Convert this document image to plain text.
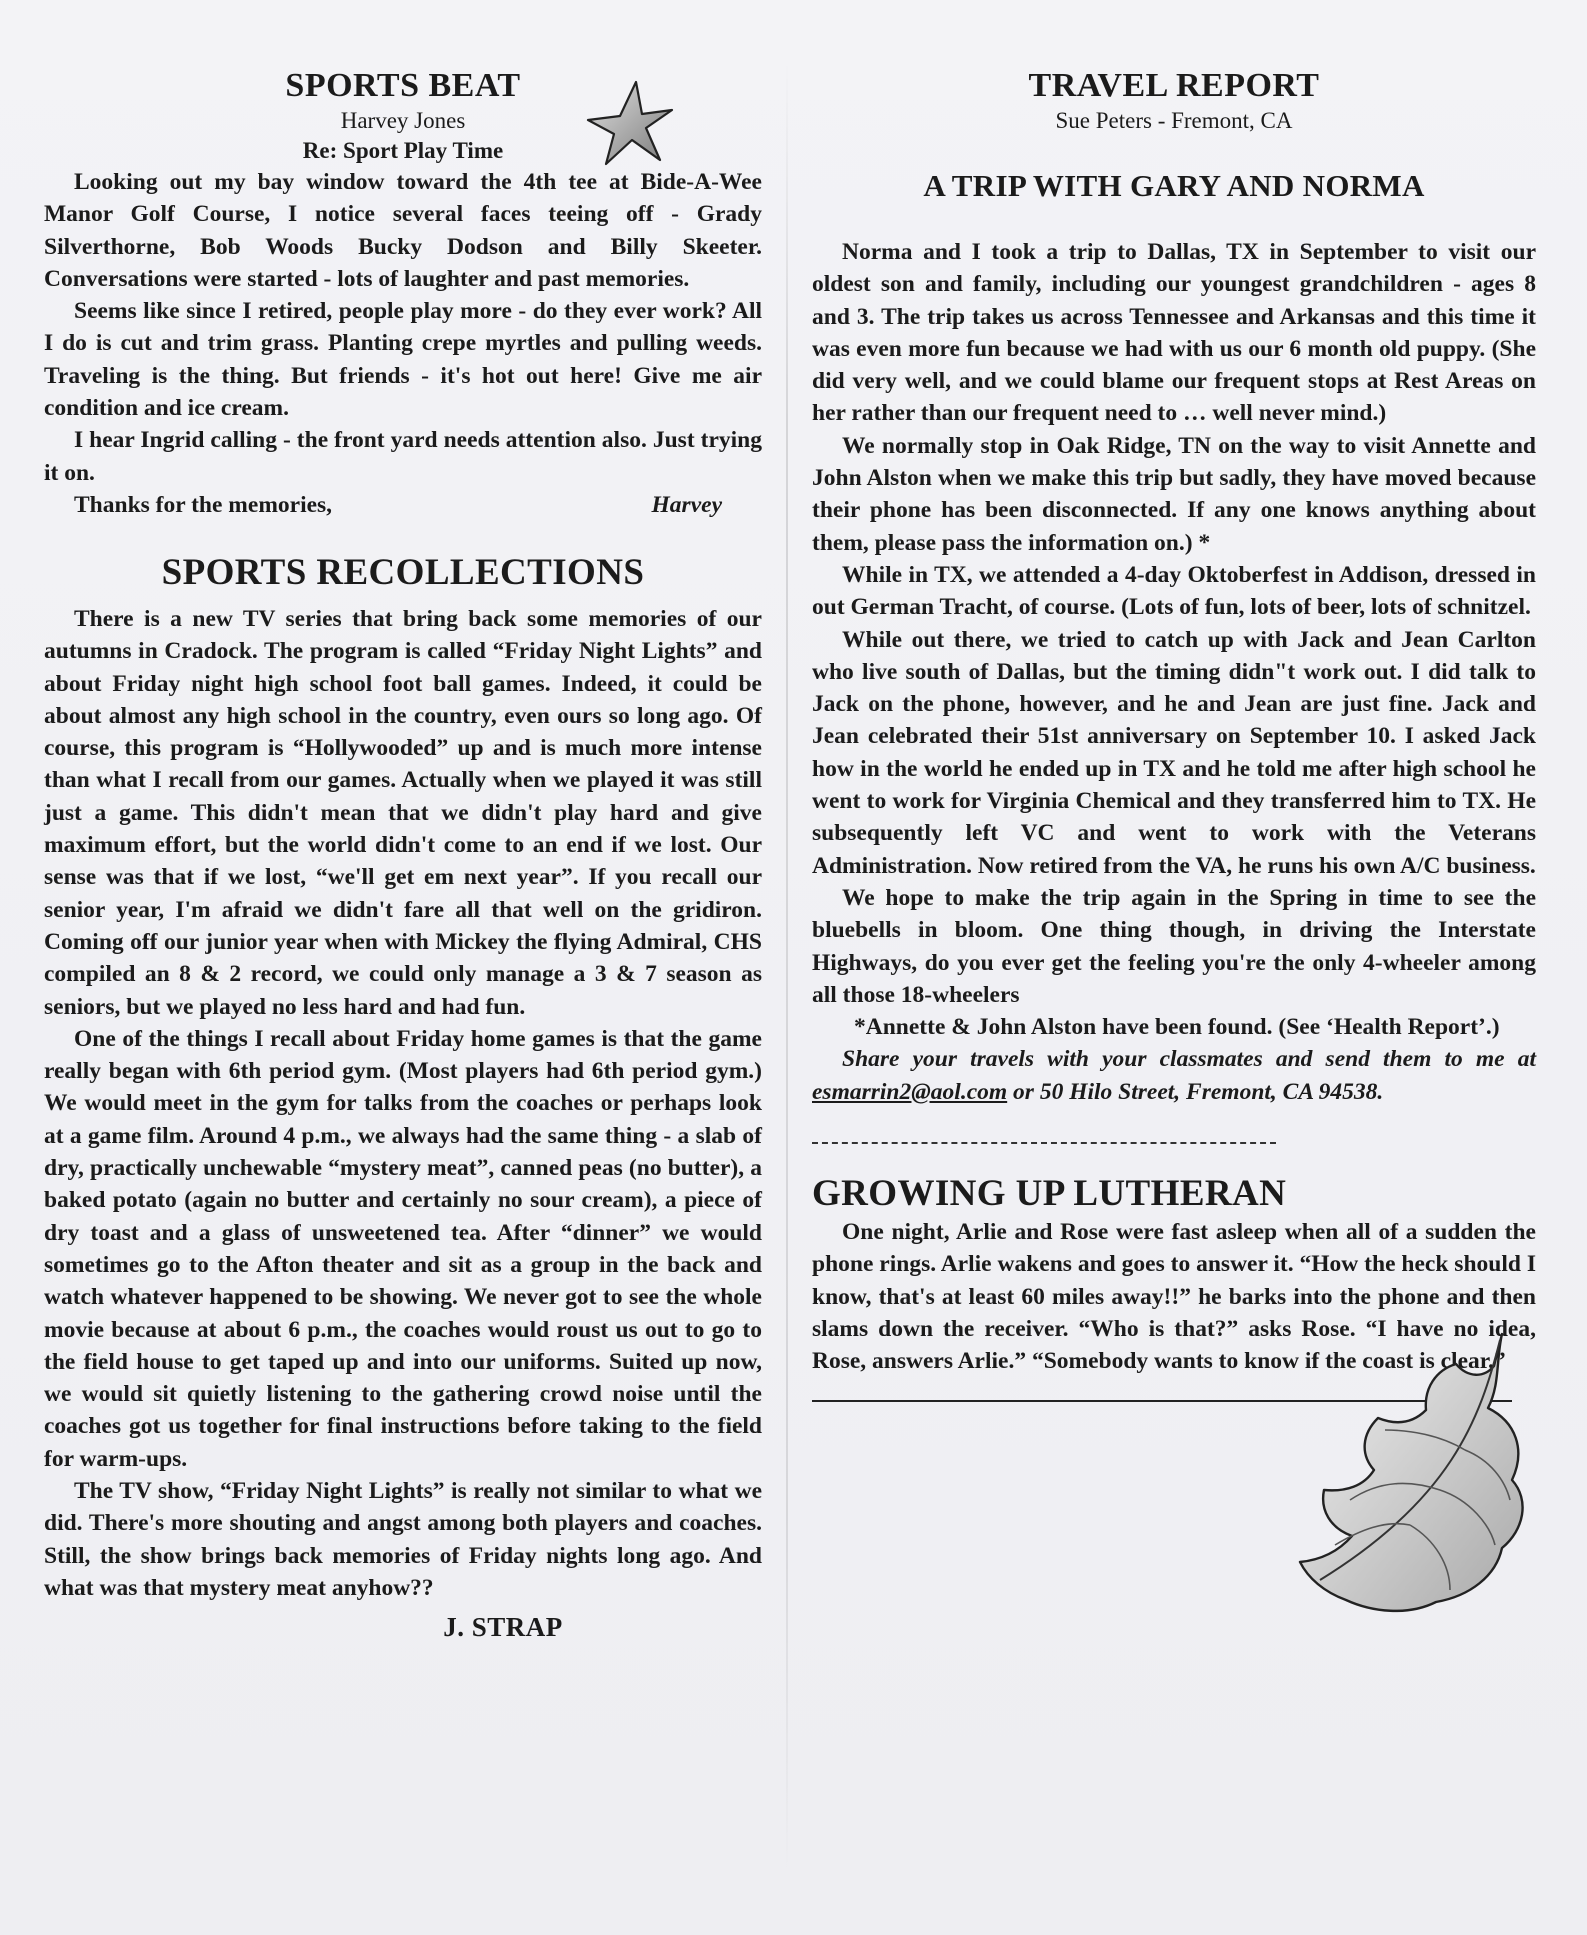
SPORTS BEAT

Harvey Jones

Re: Sport Play Time

Looking out my bay window toward the 4th tee at Bide-A-Wee Manor Golf Course, I notice several faces teeing off - Grady Silverthorne, Bob Woods Bucky Dodson and Billy Skeeter. Conversations were started - lots of laughter and past memories.

Seems like since I retired, people play more - do they ever work? All I do is cut and trim grass. Planting crepe myrtles and pulling weeds. Traveling is the thing. But friends - it's hot out here! Give me air condition and ice cream.

I hear Ingrid calling - the front yard needs attention also. Just trying it on.

Thanks for the memories,	Harvey
SPORTS RECOLLECTIONS

There is a new TV series that bring back some memories of our autumns in Cradock. The program is called “Friday Night Lights” and about Friday night high school foot ball games. Indeed, it could be about almost any high school in the country, even ours so long ago. Of course, this program is “Hollywooded” up and is much more intense than what I recall from our games. Actually when we played it was still just a game. This didn't mean that we didn't play hard and give maximum effort, but the world didn't come to an end if we lost. Our sense was that if we lost, “we'll get em next year”. If you recall our senior year, I'm afraid we didn't fare all that well on the gridiron. Coming off our junior year when with Mickey the flying Admiral, CHS compiled an 8 & 2 record, we could only manage a 3 & 7 season as seniors, but we played no less hard and had fun.

One of the things I recall about Friday home games is that the game really began with 6th period gym. (Most players had 6th period gym.) We would meet in the gym for talks from the coaches or perhaps look at a game film. Around 4 p.m., we always had the same thing - a slab of dry, practically unchewable “mystery meat”, canned peas (no butter), a baked potato (again no butter and certainly no sour cream), a piece of dry toast and a glass of unsweetened tea. After “dinner” we would sometimes go to the Afton theater and sit as a group in the back and watch whatever happened to be showing. We never got to see the whole movie because at about 6 p.m., the coaches would roust us out to go to the field house to get taped up and into our uniforms. Suited up now, we would sit quietly listening to the gathering crowd noise until the coaches got us together for final instructions before taking to the field for warm-ups.

The TV show, “Friday Night Lights” is really not similar to what we did. There's more shouting and angst among both players and coaches. Still, the show brings back memories of Friday nights long ago. And what was that mystery meat anyhow??

J. STRAP
TRAVEL REPORT

Sue Peters - Fremont, CA

A TRIP WITH GARY AND NORMA

Norma and I took a trip to Dallas, TX in September to visit our oldest son and family, including our youngest grandchildren - ages 8 and 3. The trip takes us across Tennessee and Arkansas and this time it was even more fun because we had with us our 6 month old puppy. (She did very well, and we could blame our frequent stops at Rest Areas on her rather than our frequent need to … well never mind.)

We normally stop in Oak Ridge, TN on the way to visit Annette and John Alston when we make this trip but sadly, they have moved because their phone has been disconnected. If any one knows anything about them, please pass the information on.) *

While in TX, we attended a 4-day Oktoberfest in Addison, dressed in out German Tracht, of course. (Lots of fun, lots of beer, lots of schnitzel.

While out there, we tried to catch up with Jack and Jean Carlton who live south of Dallas, but the timing didn"t work out. I did talk to Jack on the phone, however, and he and Jean are just fine. Jack and Jean celebrated their 51st anniversary on September 10. I asked Jack how in the world he ended up in TX and he told me after high school he went to work for Virginia Chemical and they transferred him to TX. He subsequently left VC and went to work with the Veterans Administration. Now retired from the VA, he runs his own A/C business.

We hope to make the trip again in the Spring in time to see the bluebells in bloom. One thing though, in driving the Interstate Highways, do you ever get the feeling you're the only 4-wheeler among all those 18-wheelers

*Annette & John Alston have been found. (See ‘Health Report’.)

Share your travels with your classmates and send them to me at esmarrin2@aol.com or 50 Hilo Street, Fremont, CA 94538.

GROWING UP LUTHERAN

One night, Arlie and Rose were fast asleep when all of a sudden the phone rings. Arlie wakens and goes to answer it. “How the heck should I know, that's at least 60 miles away!!” he barks into the phone and then slams down the receiver. “Who is that?” asks Rose. “I have no idea, Rose, answers Arlie.” “Somebody wants to know if the coast is clear.”
